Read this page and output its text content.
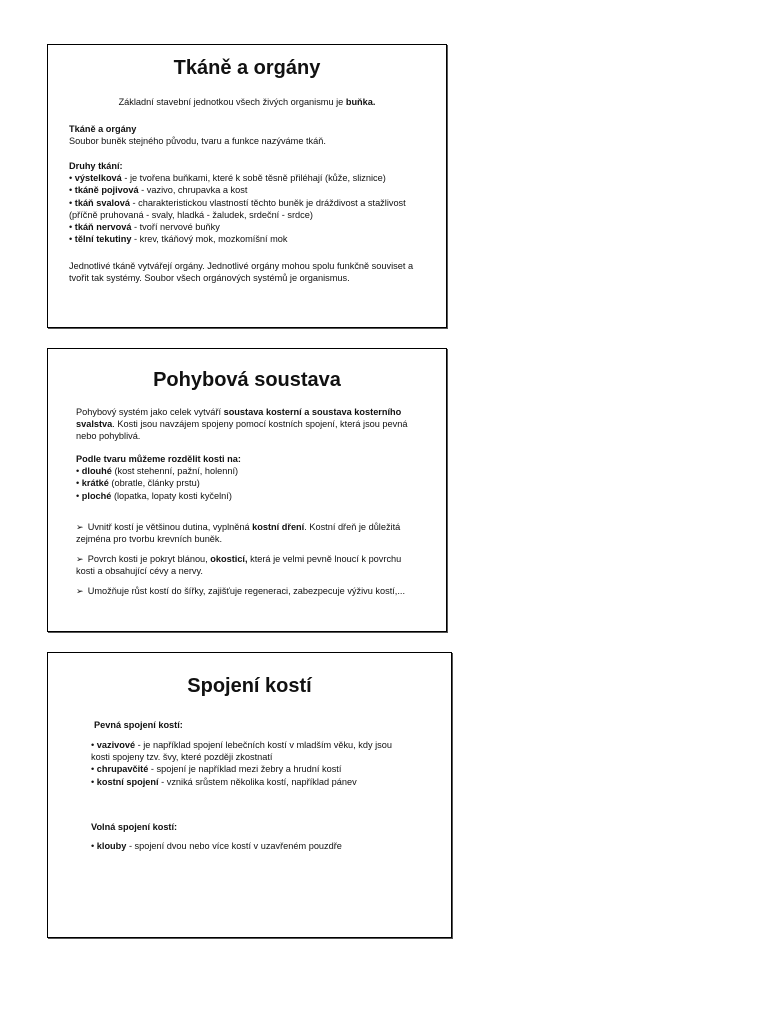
Tkáně a orgány
Základní stavební jednotkou všech živých organismu je buňka.

Tkáně a orgány

Soubor buněk stejného původu, tvaru a funkce nazýváme tkáň.

Druhy tkání:

• výstelková - je tvořena buňkami, které k sobě těsně přiléhají (kůže, sliznice)

• tkáně pojivová - vazivo, chrupavka a kost

• tkáň svalová - charakteristickou vlastností těchto buněk je dráždivost a stažlivost (příčně pruhovaná - svaly, hladká - žaludek, srdeční - srdce)

• tkáň nervová - tvoří nervové buňky

• tělní tekutiny - krev, tkáňový mok, mozkomíšní mok

Jednotlivé tkáně vytvářejí orgány. Jednotlivé orgány mohou spolu funkčně souviset a tvořit tak systémy. Soubor všech orgánových systémů je organismus.
Pohybová soustava
Pohybový systém jako celek vytváří soustava kosterní a soustava kosterního svalstva. Kosti jsou navzájem spojeny pomocí kostních spojení, která jsou pevná nebo pohyblivá.

Podle tvaru můžeme rozdělit kosti na:

• dlouhé (kost stehenní, pažní, holenní)

• krátké (obratle, články prstu)

• ploché (lopatka, lopaty kosti kyčelní)

➢ Uvnitř kostí je většinou dutina, vyplněná kostní dření. Kostní dřeň je důležitá zejména pro tvorbu krevních buněk.
➢ Povrch kosti je pokryt blánou, okosticí, která je velmi pevně lnoucí k povrchu kosti a obsahující cévy a nervy.
➢ Umožňuje růst kostí do šířky, zajišťuje regeneraci, zabezpecuje výživu kostí,...
Spojení kostí
Pevná spojení kostí:

• vazivové - je například spojení lebečních kostí v mladším věku, kdy jsou kosti spojeny tzv. švy, které později zkostnatí

• chrupavčité - spojení je například mezi žebry a hrudní kostí

• kostní spojení - vzniká srůstem několika kostí, například pánev

Volná spojení kostí:
• klouby - spojení dvou nebo více kostí v uzavřeném pouzdře
